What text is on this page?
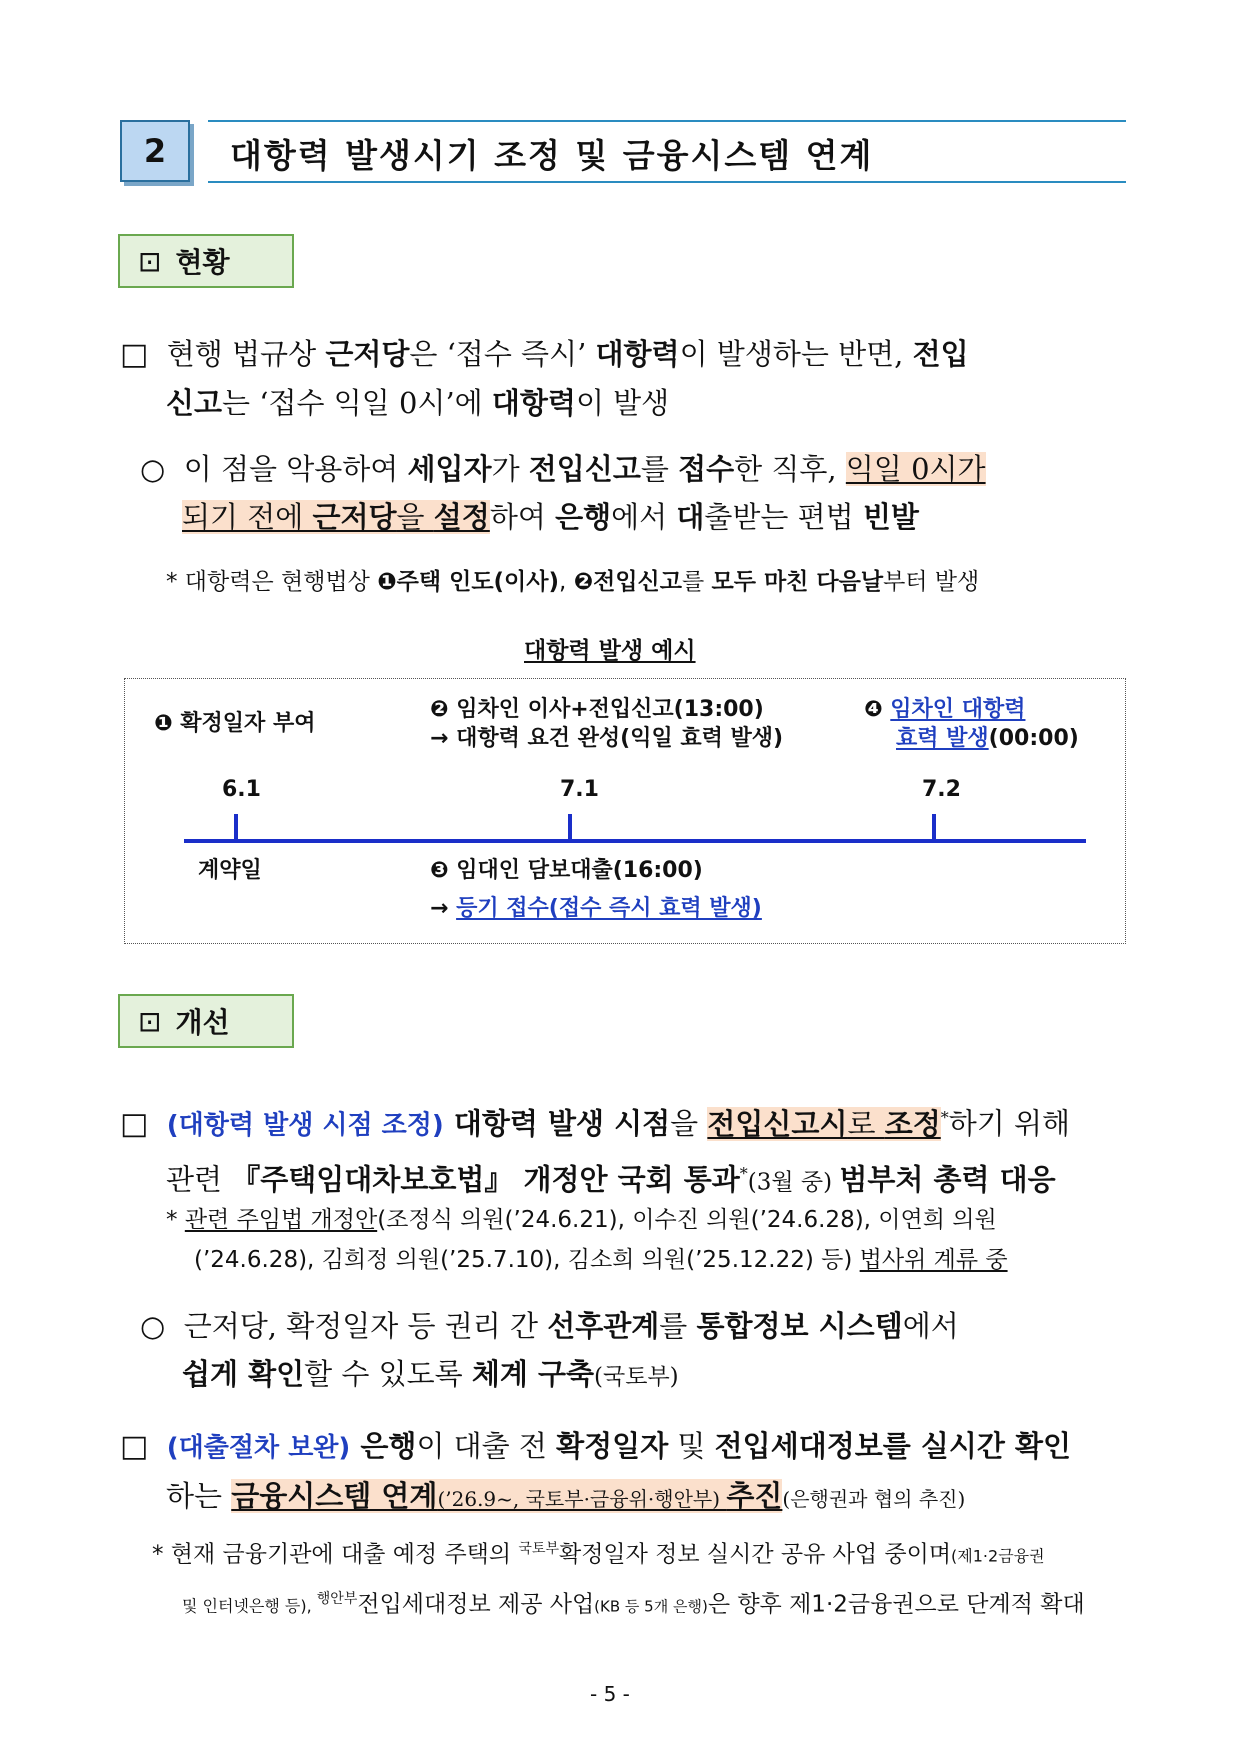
2 대항력 발생시기 조정 및 금융시스템 연계
⊡ 현황
□ 현행 법규상 근저당은 ‘접수 즉시’ 대항력이 발생하는 반면, 전입
신고는 ‘접수 익일 0시’에 대항력이 발생
○ 이 점을 악용하여 세입자가 전입신고를 접수한 직후, 익일 0시가
되기 전에 근저당을 설정하여 은행에서 대출받는 편법 빈발
* 대항력은 현행법상 ❶주택 인도(이사), ❷전입신고를 모두 마친 다음날부터 발생
대항력 발생 예시
❶ 확정일자 부여
❷ 임차인 이사+전입신고(13:00)
→ 대항력 요건 완성(익일 효력 발생)
❹ 임차인 대항력
효력 발생(00:00)
6.1	7.1	7.2
계약일	❸ 임대인 담보대출(16:00)
→ 등기 접수(접수 즉시 효력 발생)
⊡ 개선
□ (대항력 발생 시점 조정) 대항력 발생 시점을 전입신고시로 조정*하기 위해
관련 『주택임대차보호법』 개정안 국회 통과*(3월 중) 범부처 총력 대응
* 관련 주임법 개정안(조정식 의원(’24.6.21), 이수진 의원(’24.6.28), 이연희 의원
(’24.6.28), 김희정 의원(’25.7.10), 김소희 의원(’25.12.22) 등) 법사위 계류 중
○ 근저당, 확정일자 등 권리 간 선후관계를 통합정보 시스템에서
쉽게 확인할 수 있도록 체계 구축(국토부)
□ (대출절차 보완) 은행이 대출 전 확정일자 및 전입세대정보를 실시간 확인
하는 금융시스템 연계(’26.9~, 국토부·금융위·행안부) 추진(은행권과 협의 추진)
* 현재 금융기관에 대출 예정 주택의 $^{국토부}$확정일자 정보 실시간 공유 사업 중이며(제1·2금융권
및 인터넷은행 등), $^{행안부}$전입세대정보 제공 사업(KB 등 5개 은행)은 향후 제1·2금융권으로 단계적 확대
- 5 -
